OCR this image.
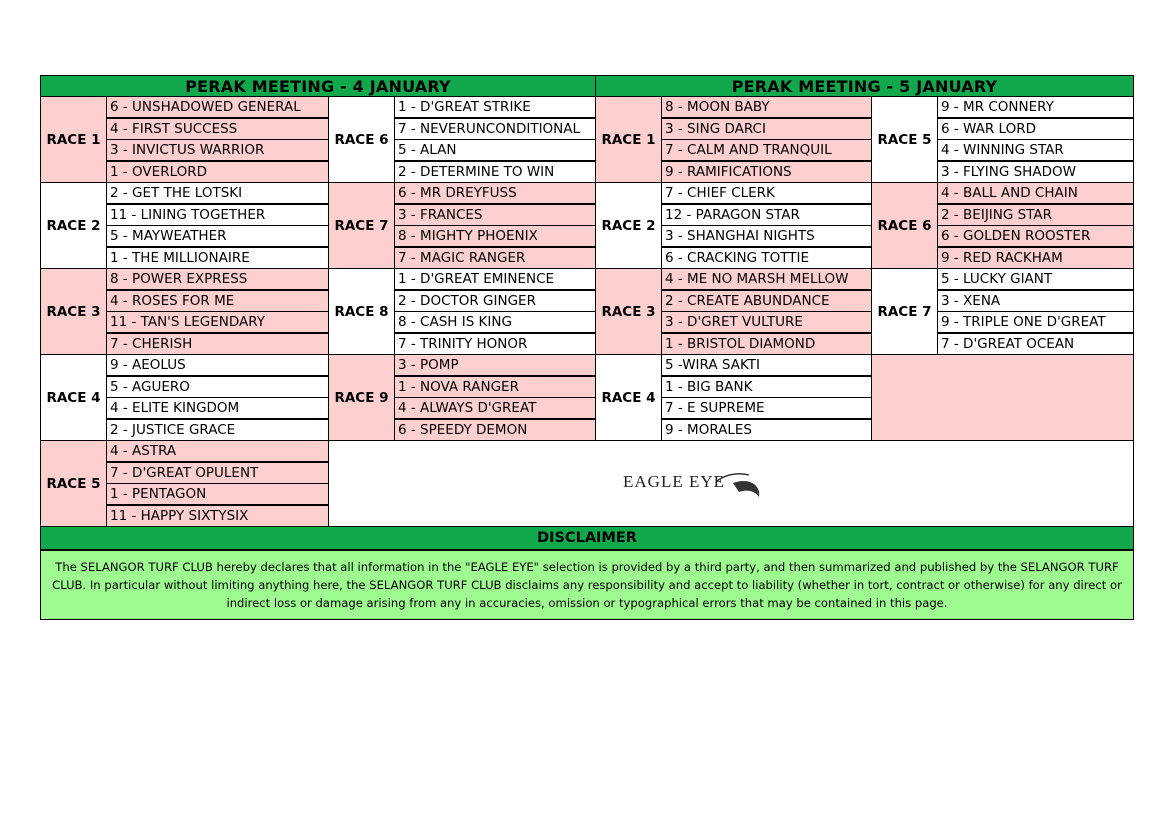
PERAK MEETING - 4 JANUARY	PERAK MEETING - 5 JANUARY
RACE 1
6 - UNSHADOWED GENERAL
4 - FIRST SUCCESS
3 - INVICTUS WARRIOR
1 - OVERLORD
RACE 2
2 - GET THE LOTSKI
11 - LINING TOGETHER
5 - MAYWEATHER
1 - THE MILLIONAIRE
RACE 3
8 - POWER EXPRESS
4 - ROSES FOR ME
11 - TAN'S LEGENDARY
7 - CHERISH
RACE 4
9 - AEOLUS
5 - AGUERO
4 - ELITE KINGDOM
2 - JUSTICE GRACE
RACE 5
4 - ASTRA
7 - D'GREAT OPULENT
1 - PENTAGON
11 - HAPPY SIXTYSIX
RACE 6
1 - D'GREAT STRIKE
7 - NEVERUNCONDITIONAL
5 - ALAN
2 - DETERMINE TO WIN
RACE 7
6 - MR DREYFUSS
3 - FRANCES
8 - MIGHTY PHOENIX
7 - MAGIC RANGER
RACE 8
1 - D'GREAT EMINENCE
2 - DOCTOR GINGER
8 - CASH IS KING
7 - TRINITY HONOR
RACE 9
3 - POMP
1 - NOVA RANGER
4 - ALWAYS D'GREAT
6 - SPEEDY DEMON
RACE 1
8 - MOON BABY
3 - SING DARCI
7 - CALM AND TRANQUIL
9 - RAMIFICATIONS
RACE 2
7 - CHIEF CLERK
12 - PARAGON STAR
3 - SHANGHAI NIGHTS
6 - CRACKING TOTTIE
RACE 3
4 - ME NO MARSH MELLOW
2 - CREATE ABUNDANCE
3 - D'GRET VULTURE
1 - BRISTOL DIAMOND
RACE 4
5 -WIRA SAKTI
1 - BIG BANK
7 - E SUPREME
9 - MORALES
RACE 5
9 - MR CONNERY
6 - WAR LORD
4 - WINNING STAR
3 - FLYING SHADOW
RACE 6
4 - BALL AND CHAIN
2 - BEIJING STAR
6 - GOLDEN ROOSTER
9 - RED RACKHAM
RACE 7
5 - LUCKY GIANT
3 - XENA
9 - TRIPLE ONE D'GREAT
7 - D'GREAT OCEAN
EAGLE EYE
DISCLAIMER
The SELANGOR TURF CLUB hereby declares that all information in the "EAGLE EYE" selection is provided by a third party, and then summarized and published by the SELANGOR TURF CLUB. In particular without limiting anything here, the SELANGOR TURF CLUB disclaims any responsibility and accept to liability (whether in tort, contract or otherwise) for any direct or indirect loss or damage arising from any in accuracies, omission or typographical errors that may be contained in this page.
